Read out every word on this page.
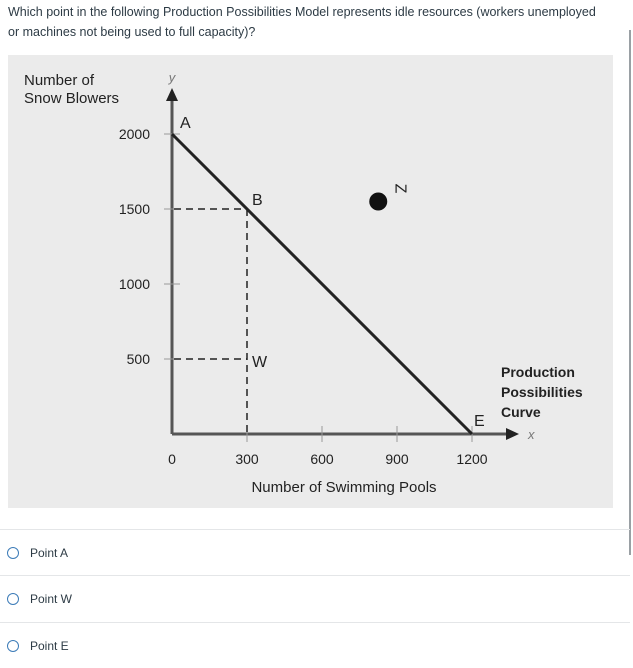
Which point in the following Production Possibilities Model represents idle resources (workers unemployed or machines not being used to full capacity)?
y
x
Number of Snow Blowers
500
1000
1500
2000
0	300	600	900	1200
Number of Swimming Pools
A
B
W
E
Z
Production
Possibilities
Curve
Point A
Point W
Point E
